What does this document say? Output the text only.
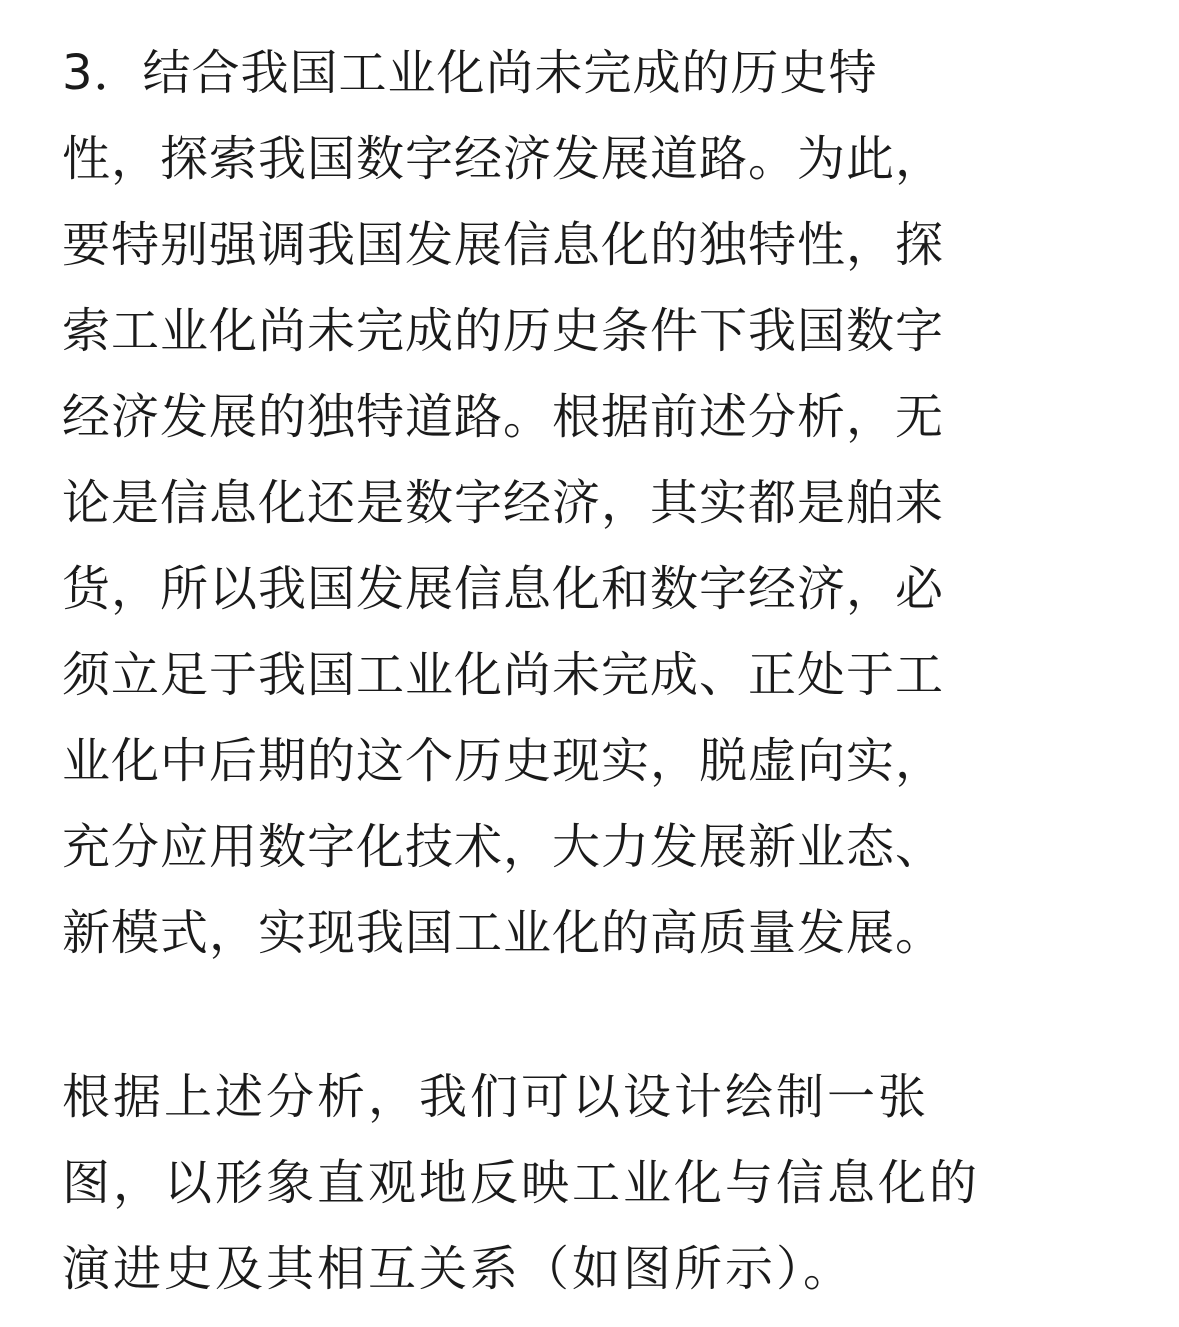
3．结合我国工业化尚未完成的历史特
性，探索我国数字经济发展道路。为此，
要特别强调我国发展信息化的独特性，探
索工业化尚未完成的历史条件下我国数字
经济发展的独特道路。根据前述分析，无
论是信息化还是数字经济，其实都是舶来
货，所以我国发展信息化和数字经济，必
须立足于我国工业化尚未完成、正处于工
业化中后期的这个历史现实，脱虚向实，
充分应用数字化技术，大力发展新业态、
新模式，实现我国工业化的高质量发展。
根据上述分析，我们可以设计绘制一张
图，以形象直观地反映工业化与信息化的
演进史及其相互关系（如图所示）。
